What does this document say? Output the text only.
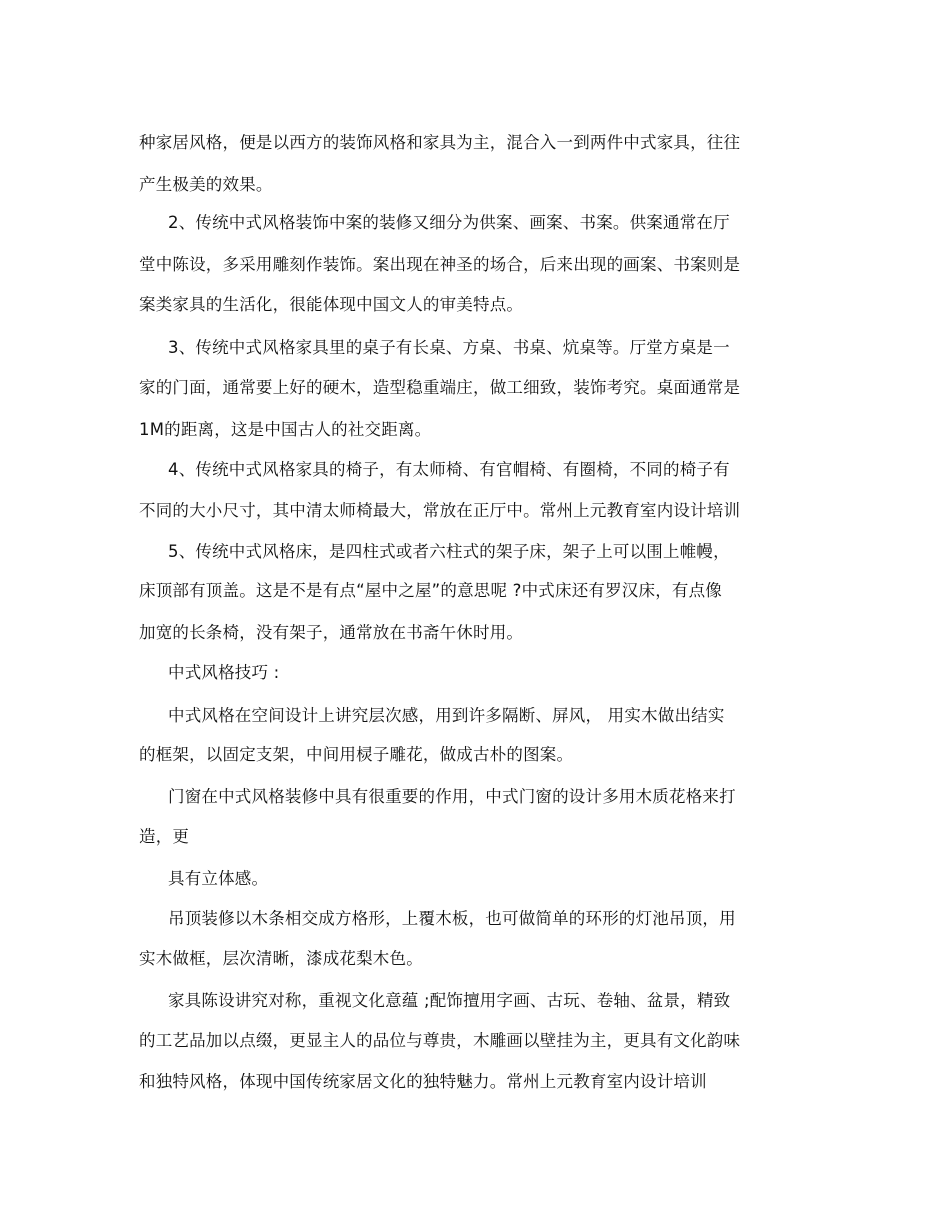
种家居风格，便是以西方的装饰风格和家具为主，混合入一到两件中式家具，往往
产生极美的效果。
2、传统中式风格装饰中案的装修又细分为供案、画案、书案。供案通常在厅
堂中陈设，多采用雕刻作装饰。案出现在神圣的场合，后来出现的画案、书案则是
案类家具的生活化，很能体现中国文人的审美特点。
3、传统中式风格家具里的桌子有长桌、方桌、书桌、炕桌等。厅堂方桌是一
家的门面，通常要上好的硬木，造型稳重端庄，做工细致，装饰考究。桌面通常是
1M的距离，这是中国古人的社交距离。
4、传统中式风格家具的椅子，有太师椅、有官帽椅、有圈椅，不同的椅子有
不同的大小尺寸，其中清太师椅最大，常放在正厅中。常州上元教育室内设计培训
5、传统中式风格床，是四柱式或者六柱式的架子床，架子上可以围上帷幔，
床顶部有顶盖。这是不是有点“屋中之屋”的意思呢 ?中式床还有罗汉床，有点像
加宽的长条椅，没有架子，通常放在书斋午休时用。
中式风格技巧 :
中式风格在空间设计上讲究层次感，用到许多隔断、屏风， 用实木做出结实
的框架，以固定支架，中间用棂子雕花，做成古朴的图案。
门窗在中式风格装修中具有很重要的作用，中式门窗的设计多用木质花格来打
造，更
具有立体感。
吊顶装修以木条相交成方格形，上覆木板，也可做简单的环形的灯池吊顶，用
实木做框，层次清晰，漆成花梨木色。
家具陈设讲究对称，重视文化意蕴 ;配饰擅用字画、古玩、卷轴、盆景，精致
的工艺品加以点缀，更显主人的品位与尊贵，木雕画以壁挂为主，更具有文化韵味
和独特风格，体现中国传统家居文化的独特魅力。常州上元教育室内设计培训
